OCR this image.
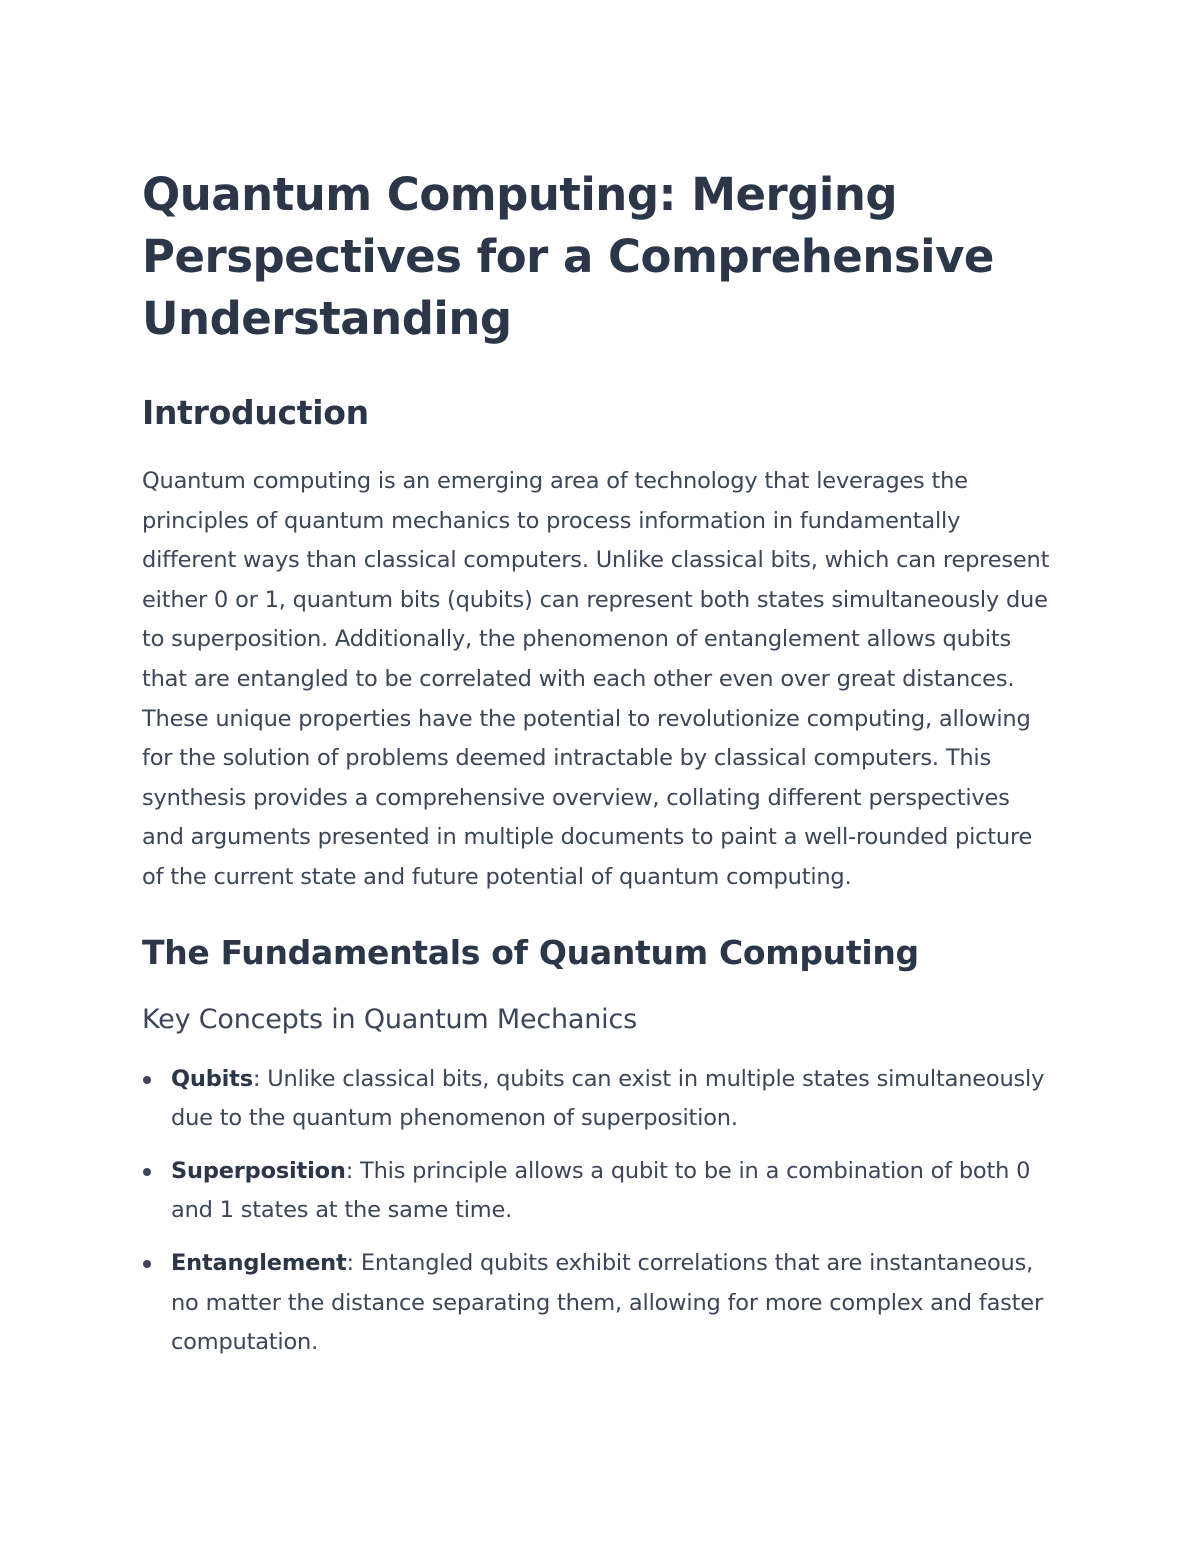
Quantum Computing: Merging Perspectives for a Comprehensive Understanding
Introduction

Quantum computing is an emerging area of technology that leverages the principles of quantum mechanics to process information in fundamentally different ways than classical computers. Unlike classical bits, which can represent either 0 or 1, quantum bits (qubits) can represent both states simultaneously due to superposition. Additionally, the phenomenon of entanglement allows qubits that are entangled to be correlated with each other even over great distances. These unique properties have the potential to revolutionize computing, allowing for the solution of problems deemed intractable by classical computers. This synthesis provides a comprehensive overview, collating different perspectives and arguments presented in multiple documents to paint a well-rounded picture of the current state and future potential of quantum computing.

The Fundamentals of Quantum Computing
Key Concepts in Quantum Mechanics
Qubits: Unlike classical bits, qubits can exist in multiple states simultaneously due to the quantum phenomenon of superposition.
Superposition: This principle allows a qubit to be in a combination of both 0 and 1 states at the same time.
Entanglement: Entangled qubits exhibit correlations that are instantaneous, no matter the distance separating them, allowing for more complex and faster computation.
